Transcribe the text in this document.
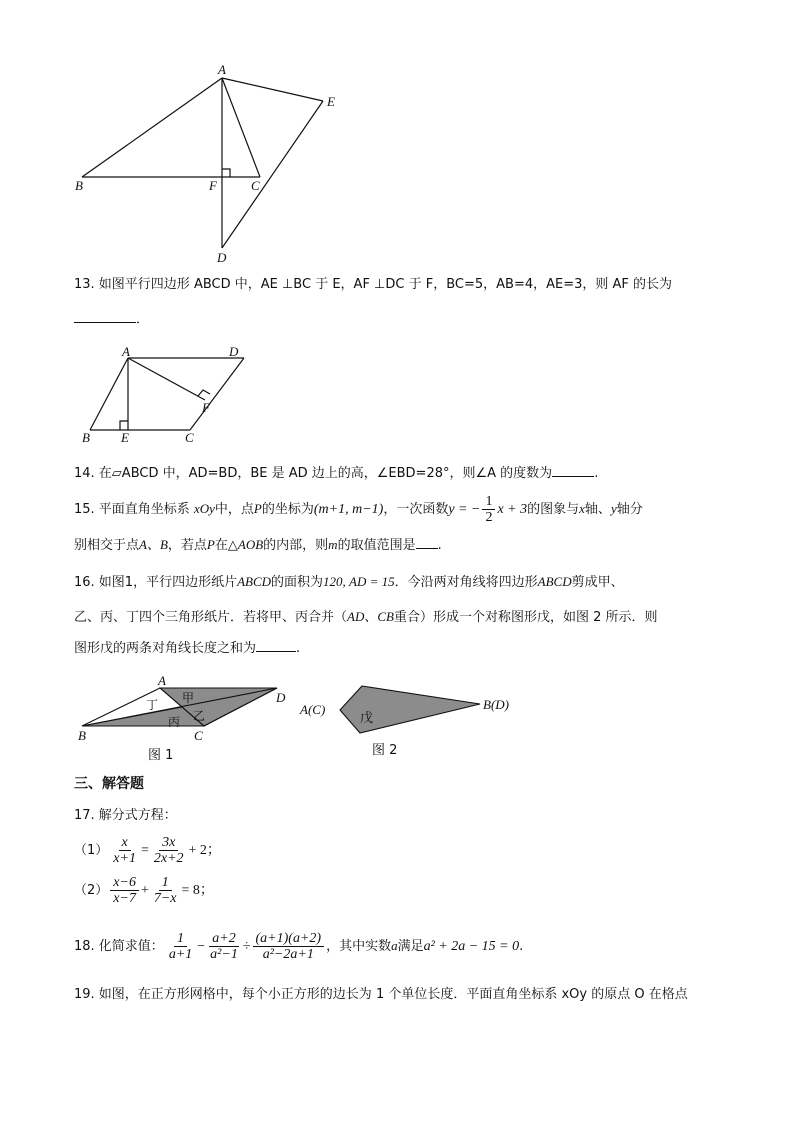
A
E
B	F	C
D
13. 如图平行四边形 ABCD 中，AE ⊥BC 于 E，AF ⊥DC 于 F，BC=5，AB=4，AE=3，则 AF 的长为
．
A	D
F
B E	C
14. 在▱ABCD 中，AD=BD，BE 是 AD 边上的高，∠EBD=28°，则∠A 的度数为	.
15. 平面直角坐标系 xOy中，点P的坐标为(m+1, m−1)，一次函数y = − $\frac{1}{2}$ x + 3的图象与x轴、y轴分
别相交于点A、B，若点P在△AOB的内部，则m的取值范围是 .
16. 如图1，平行四边形纸片ABCD的面积为120, AD = 15．今沿两对角线将四边形ABCD剪成甲、
乙、丙、丁四个三角形纸片．若将甲、丙合并（AD、CB重合）形成一个对称图形戊，如图 2 所示．则
图形戊的两条对角线长度之和为	.
A
D
B	C
甲
丁
乙
丙
图 1
A(C)	B(D)
戊
图 2
三、解答题
17. 解分式方程：
$(1) \frac{x}{x+1} = \frac{3x}{2x+2} + 2$；
$(2) \frac{x-6}{x-7} + \frac{1}{7-x} = 8$；
18. 化简求值： $\frac{1}{a+1} - \frac{a+2}{\text{a²−1}} \div \frac{(a+1)(a+2)}{\text{a²−2a+1}}$ ，其中实数a满足a² + 2a − 15 = 0.
19. 如图，在正方形网格中，每个小正方形的边长为 1 个单位长度．平面直角坐标系 xOy 的原点 O 在格点
